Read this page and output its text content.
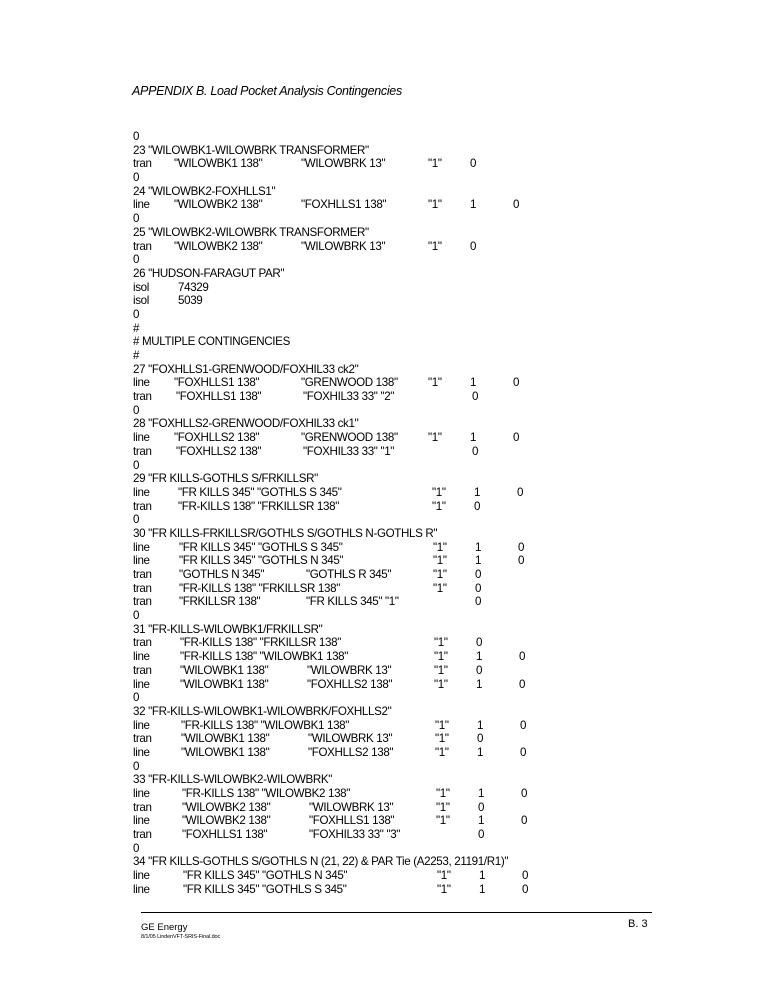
APPENDIX B. Load Pocket Analysis Contingencies
0
23 "WILOWBK1-WILOWBRK TRANSFORMER"
tran "WILOWBK1 138"	"WILOWBRK 13"	"1" 0
0
24 "WILOWBK2-FOXHLLS1"
line "WILOWBK2 138"	"FOXHLLS1 138"	"1" 1	0
0
25 "WILOWBK2-WILOWBRK TRANSFORMER"
tran "WILOWBK2 138"	"WILOWBRK 13"	"1" 0
0
26 "HUDSON-FARAGUT PAR"
isol	74329
isol	5039
0
#
# MULTIPLE CONTINGENCIES
#
27 "FOXHLLS1-GRENWOOD/FOXHIL33 ck2"
line "FOXHLLS1 138"	"GRENWOOD 138"	"1" 1	0
tran "FOXHLLS1 138"	"FOXHIL33 33" "2"	0
0
28 "FOXHLLS2-GRENWOOD/FOXHIL33 ck1"
line "FOXHLLS2 138"	"GRENWOOD 138"	"1" 1	0
tran "FOXHLLS2 138"	"FOXHIL33 33" "1"	0
0
29 "FR KILLS-GOTHLS S/FRKILLSR"
line "FR KILLS 345" "GOTHLS S 345"	"1" 1	0
tran "FR-KILLS 138" "FRKILLSR 138"	"1" 0
0
30 "FR KILLS-FRKILLSR/GOTHLS S/GOTHLS N-GOTHLS R"
line	"FR KILLS 345" "GOTHLS S 345"	"1" 1	0
line	"FR KILLS 345" "GOTHLS N 345"	"1" 1	0
tran "GOTHLS N 345"	"GOTHLS R 345"	"1" 0
tran "FR-KILLS 138" "FRKILLSR 138"	"1" 0
tran "FRKILLSR 138"	"FR KILLS 345" "1"	0
0
31 "FR-KILLS-WILOWBK1/FRKILLSR"
tran "FR-KILLS 138" "FRKILLSR 138"	"1" 0
line	"FR-KILLS 138" "WILOWBK1 138"	"1" 1	0
tran "WILOWBK1 138"	"WILOWBRK 13"	"1" 0
line	"WILOWBK1 138"	"FOXHLLS2 138"	"1" 1	0
0
32 "FR-KILLS-WILOWBK1-WILOWBRK/FOXHLLS2"
line	"FR-KILLS 138" "WILOWBK1 138"	"1" 1	0
tran	"WILOWBK1 138"	"WILOWBRK 13"	"1" 0
line	"WILOWBK1 138"	"FOXHLLS2 138"	"1" 1	0
0
33 "FR-KILLS-WILOWBK2-WILOWBRK"
line	"FR-KILLS 138" "WILOWBK2 138"	"1" 1	0
tran	"WILOWBK2 138"	"WILOWBRK 13"	"1" 0
line	"WILOWBK2 138"	"FOXHLLS1 138"	"1" 1	0
tran	"FOXHLLS1 138"	"FOXHIL33 33" "3"	0
0
34 "FR KILLS-GOTHLS S/GOTHLS N (21, 22) & PAR Tie (A2253, 21191/R1)"
line	"FR KILLS 345" "GOTHLS N 345"	"1" 1	0
line	"FR KILLS 345" "GOTHLS S 345"	"1" 1	0
GE Energy
8/1/05 LindenVFT-SRIS-Final.doc
B. 3
